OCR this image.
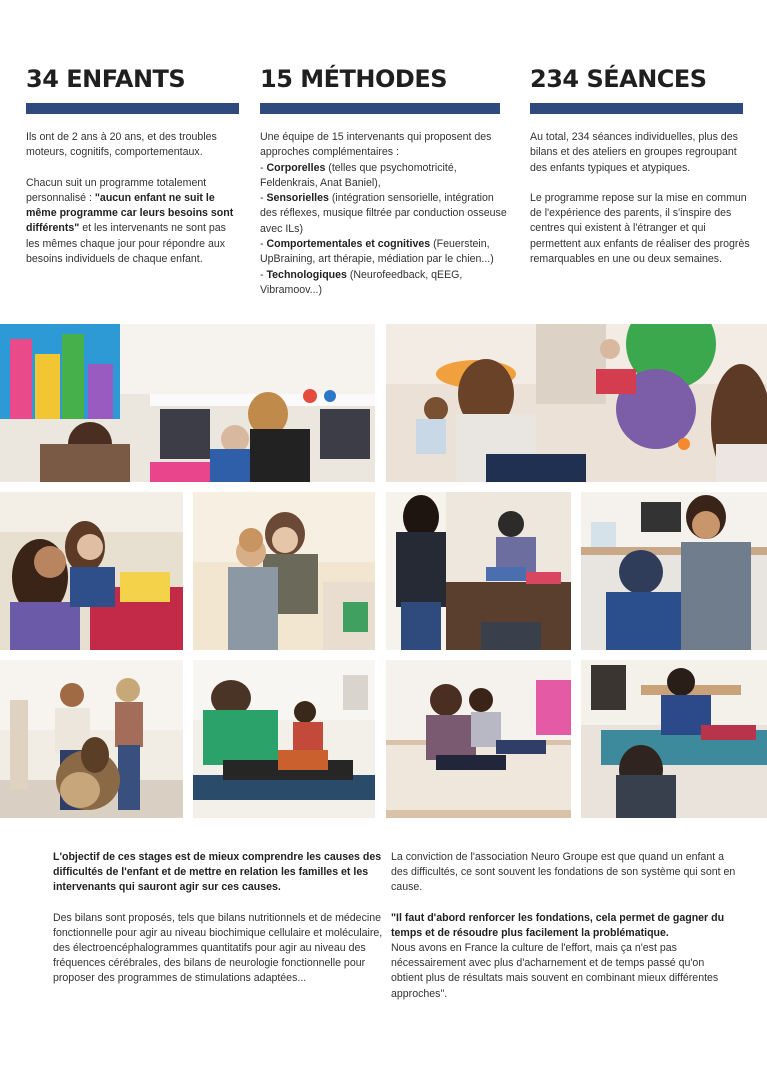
34 ENFANTS

Ils ont de 2 ans à 20 ans, et des troubles moteurs, cognitifs, comportementaux.

Chacun suit un programme totalement personnalisé : "aucun enfant ne suit le même programme car leurs besoins sont différents" et les intervenants ne sont pas les mêmes chaque jour pour répondre aux besoins individuels de chaque enfant.

15 MÉTHODES

Une équipe de 15 intervenants qui proposent des approches complémentaires :

- Corporelles (telles que psychomotricité, Feldenkrais, Anat Baniel),
- Sensorielles (intégration sensorielle, intégration des réflexes, musique filtrée par conduction osseuse avec ILs)
- Comportementales et cognitives (Feuerstein, UpBraining, art thérapie, médiation par le chien...)
- Technologiques (Neurofeedback, qEEG, Vibramoov...)
234 SÉANCES

Au total, 234 séances individuelles, plus des bilans et des ateliers en groupes regroupant des enfants typiques et atypiques.

Le programme repose sur la mise en commun de l'expérience des parents, il s'inspire des centres qui existent à l'étranger et qui permettent aux enfants de réaliser des progrès remarquables en une ou deux semaines.

L'objectif de ces stages est de mieux comprendre les causes des difficultés de l'enfant et de mettre en relation les familles et les intervenants qui sauront agir sur ces causes.

Des bilans sont proposés, tels que bilans nutritionnels et de médecine fonctionnelle pour agir au niveau biochimique cellulaire et moléculaire, des électroencéphalogrammes quantitatifs pour agir au niveau des fréquences cérébrales, des bilans de neurologie fonctionnelle pour proposer des programmes de stimulations adaptées...

La conviction de l'association Neuro Groupe est que quand un enfant a des difficultés, ce sont souvent les fondations de son système qui sont en cause.

"Il faut d'abord renforcer les fondations, cela permet de gagner du temps et de résoudre plus facilement la problématique.
Nous avons en France la culture de l'effort, mais ça n'est pas nécessairement avec plus d'acharnement et de temps passé qu'on obtient plus de résultats mais souvent en combinant mieux différentes approches".
